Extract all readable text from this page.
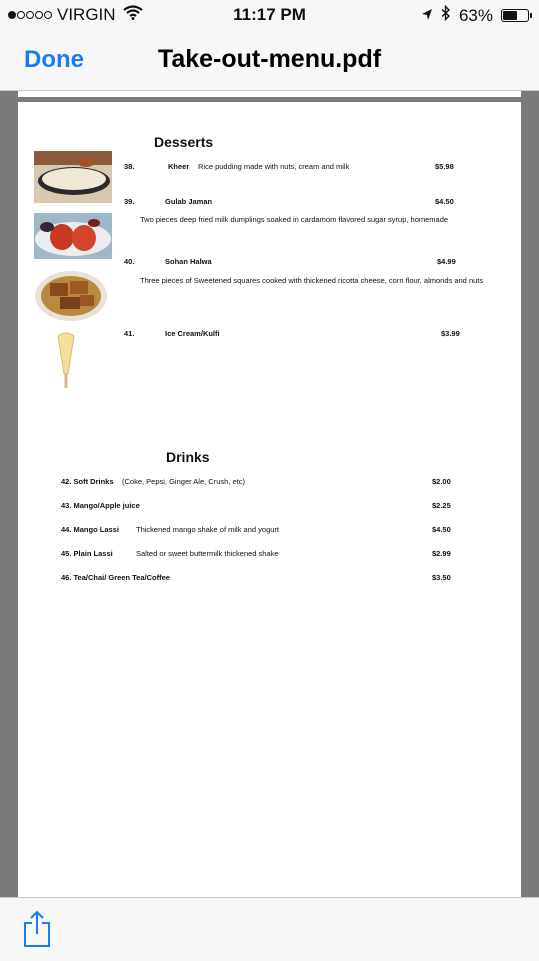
VIRGIN	11:17 PM	63%
Done	Take-out-menu.pdf
Desserts
38.	Kheer Rice pudding made with nuts, cream and milk	$5.98
39.	Gulab Jaman	$4.50
Two pieces deep fried milk dumplings soaked in cardamom flavored sugar syrup, homemade
40.	Sohan Halwa	$4.99
Three pieces of Sweetened squares cooked with thickened ricotta cheese, corn flour, almonds and nuts
41.	Ice Cream/Kulfi	$3.99
Drinks
42. Soft Drinks (Coke, Pepsi, Ginger Ale, Crush, etc)	$2.00
43. Mango/Apple juice	$2.25
44. Mango Lassi Thickened mango shake of milk and yogurt	$4.50
45. Plain Lassi	Salted or sweet buttermilk thickened shake	$2.99
46. Tea/Chai/ Green Tea/Coffee	$3.50
